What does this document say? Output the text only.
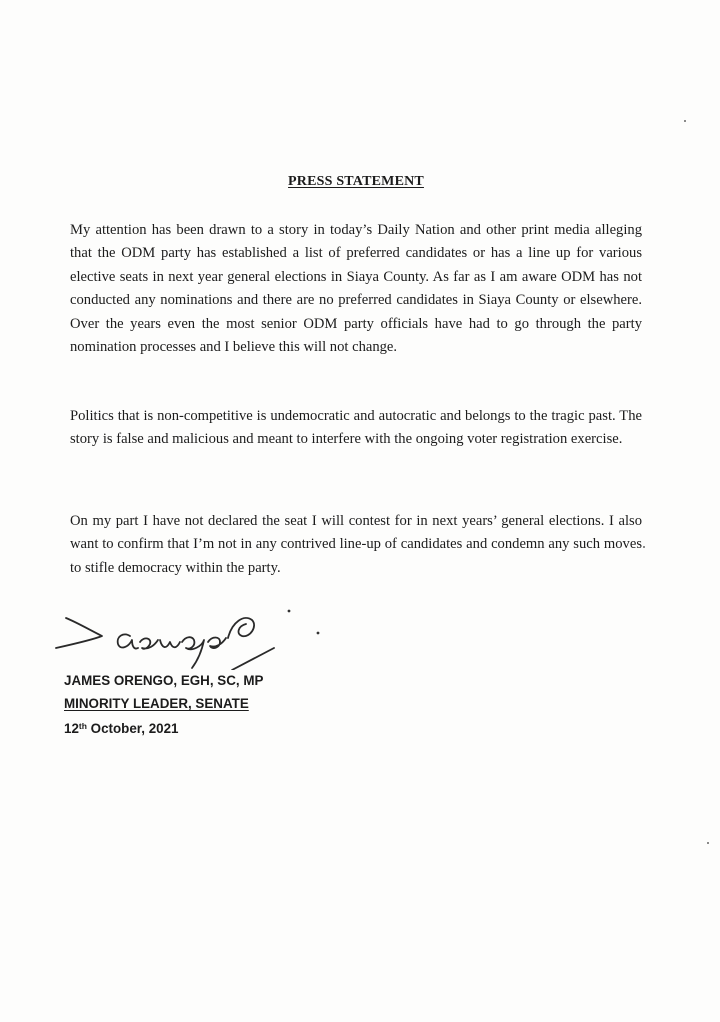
PRESS STATEMENT

My attention has been drawn to a story in today’s Daily Nation and other print media alleging that the ODM party has established a list of preferred candidates or has a line up for various elective seats in next year general elections in Siaya County. As far as I am aware ODM has not conducted any nominations and there are no preferred candidates in Siaya County or elsewhere. Over the years even the most senior ODM party officials have had to go through the party nomination processes and I believe this will not change.

Politics that is non-competitive is undemocratic and autocratic and belongs to the tragic past. The story is false and malicious and meant to interfere with the ongoing voter registration exercise.

On my part I have not declared the seat I will contest for in next years’ general elections. I also want to confirm that I’m not in any contrived line-up of candidates and condemn any such moves to stifle democracy within the party.

JAMES ORENGO, EGH, SC, MP
MINORITY LEADER, SENATE
12th October, 2021
